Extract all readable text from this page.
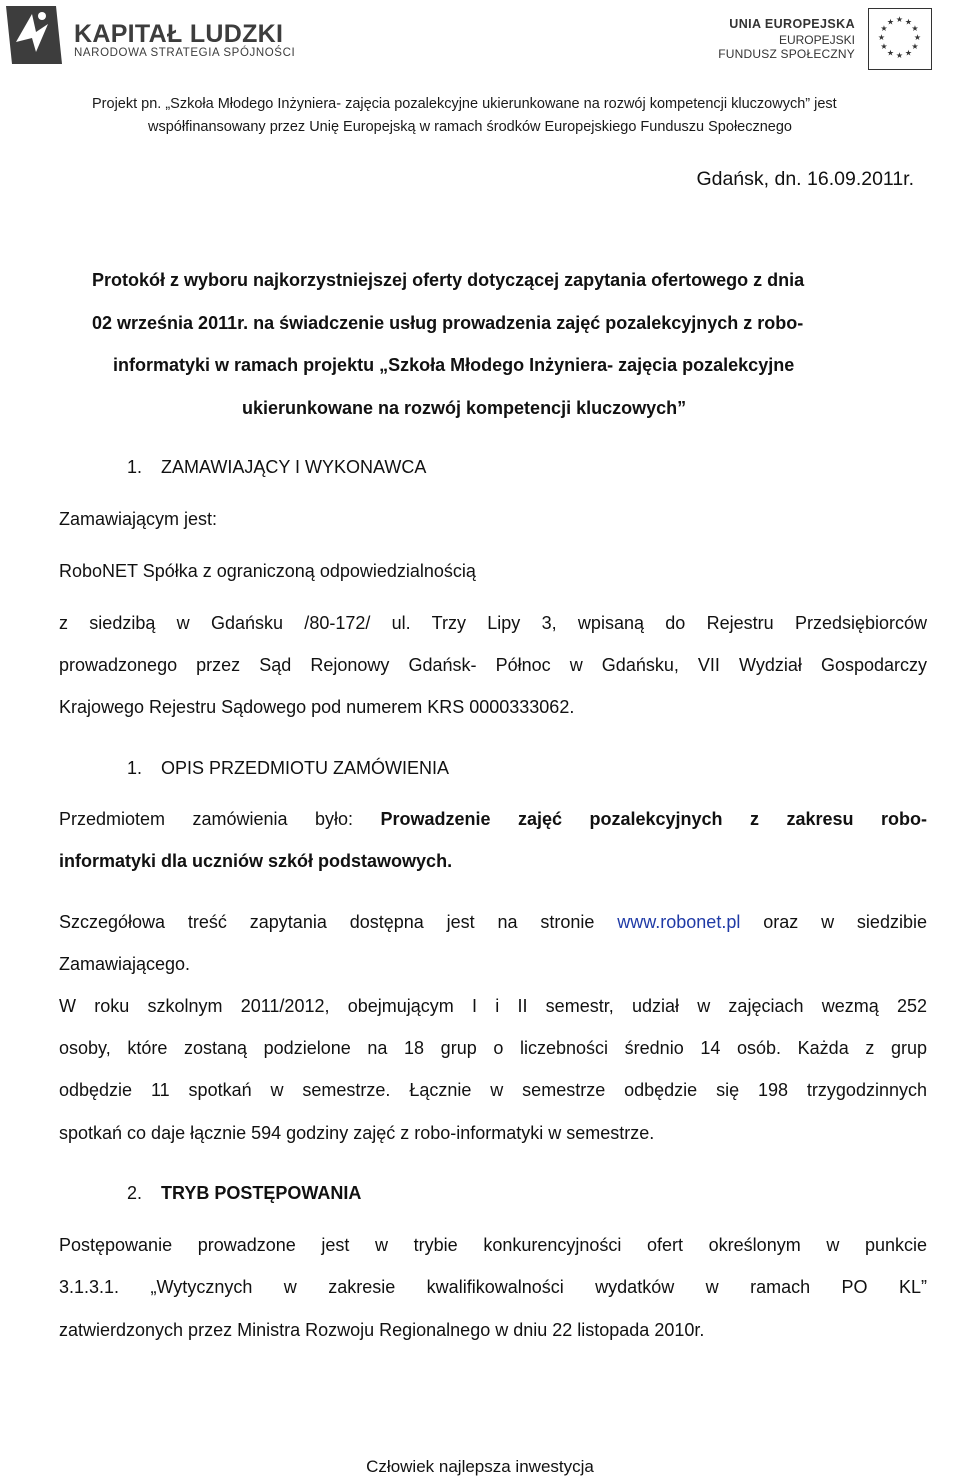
KAPITAŁ LUDZKI
NARODOWA STRATEGIA SPÓJNOŚCI
UNIA EUROPEJSKA
EUROPEJSKI
FUNDUSZ SPOŁECZNY
★ ★
★
★
★
★
★
★
★
★
★
★
Projekt pn. „Szkoła Młodego Inżyniera- zajęcia pozalekcyjne ukierunkowane na rozwój kompetencji kluczowych” jest
współfinansowany przez Unię Europejską w ramach środków Europejskiego Funduszu Społecznego
Gdańsk, dn. 16.09.2011r.
Protokół z wyboru najkorzystniejszej oferty dotyczącej zapytania ofertowego z dnia
02 września 2011r. na świadczenie usług prowadzenia zajęć pozalekcyjnych z robo-
informatyki w ramach projektu „Szkoła Młodego Inżyniera- zajęcia pozalekcyjne
ukierunkowane na rozwój kompetencji kluczowych”
1. ZAMAWIAJĄCY I WYKONAWCA
Zamawiającym jest:
RoboNET Spółka z ograniczoną odpowiedzialnością
z siedzibą w Gdańsku /80-172/ ul. Trzy Lipy 3, wpisaną do Rejestru Przedsiębiorców
prowadzonego przez Sąd Rejonowy Gdańsk- Północ w Gdańsku, VII Wydział Gospodarczy
Krajowego Rejestru Sądowego pod numerem KRS 0000333062.
1. OPIS PRZEDMIOTU ZAMÓWIENIA
Przedmiotem zamówienia było: Prowadzenie zajęć pozalekcyjnych z zakresu robo-
informatyki dla uczniów szkół podstawowych.
Szczegółowa treść zapytania dostępna jest na stronie www.robonet.pl oraz w siedzibie
Zamawiającego.
W roku szkolnym 2011/2012, obejmującym I i II semestr, udział w zajęciach wezmą 252
osoby, które zostaną podzielone na 18 grup o liczebności średnio 14 osób. Każda z grup
odbędzie 11 spotkań w semestrze. Łącznie w semestrze odbędzie się 198 trzygodzinnych
spotkań co daje łącznie 594 godziny zajęć z robo-informatyki w semestrze.
2. TRYB POSTĘPOWANIA
Postępowanie prowadzone jest w trybie konkurencyjności ofert określonym w punkcie
3.1.3.1. „Wytycznych w zakresie kwalifikowalności wydatków w ramach PO KL”
zatwierdzonych przez Ministra Rozwoju Regionalnego w dniu 22 listopada 2010r.
Człowiek najlepsza inwestycja
